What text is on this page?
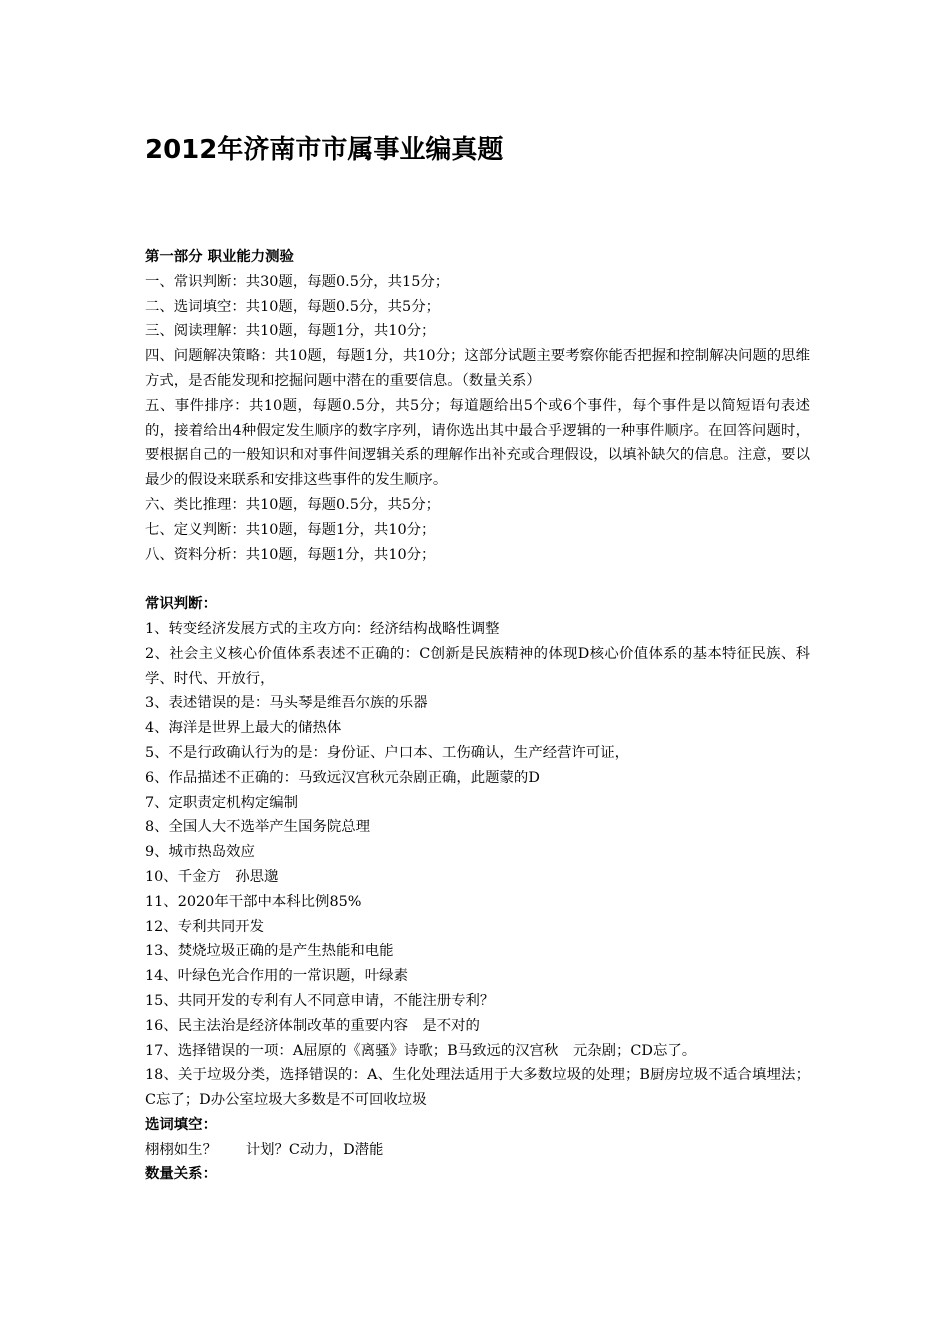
2012年济南市市属事业编真题
第一部分 职业能力测验
一、常识判断：共30题，每题0.5分，共15分；
二、选词填空：共10题，每题0.5分，共5分；
三、阅读理解：共10题，每题1分，共10分；
四、问题解决策略：共10题，每题1分，共10分；这部分试题主要考察你能否把握和控制解决问题的思维方式，是否能发现和挖掘问题中潜在的重要信息。（数量关系）
五、事件排序：共10题，每题0.5分，共5分；每道题给出5个或6个事件，每个事件是以简短语句表述的，接着给出4种假定发生顺序的数字序列，请你选出其中最合乎逻辑的一种事件顺序。在回答问题时，要根据自己的一般知识和对事件间逻辑关系的理解作出补充或合理假设，以填补缺欠的信息。注意，要以最少的假设来联系和安排这些事件的发生顺序。
六、类比推理：共10题，每题0.5分，共5分；
七、定义判断：共10题，每题1分，共10分；
八、资料分析：共10题，每题1分，共10分；
常识判断：
1、转变经济发展方式的主攻方向：经济结构战略性调整
2、社会主义核心价值体系表述不正确的：C创新是民族精神的体现D核心价值体系的基本特征民族、科学、时代、开放行，
3、表述错误的是：马头琴是维吾尔族的乐器
4、海洋是世界上最大的储热体
5、不是行政确认行为的是：身份证、户口本、工伤确认，生产经营许可证，
6、作品描述不正确的：马致远汉宫秋元杂剧正确，此题蒙的D
7、定职责定机构定编制
8、全国人大不选举产生国务院总理
9、城市热岛效应
10、千金方　孙思邈
11、2020年干部中本科比例85%
12、专利共同开发
13、焚烧垃圾正确的是产生热能和电能
14、叶绿色光合作用的一常识题，叶绿素
15、共同开发的专利有人不同意申请，不能注册专利？
16、民主法治是经济体制改革的重要内容　是不对的
17、选择错误的一项：A屈原的《离骚》诗歌；B马致远的汉宫秋　元杂剧；CD忘了。
18、关于垃圾分类，选择错误的：A、生化处理法适用于大多数垃圾的处理；B厨房垃圾不适合填埋法；C忘了；D办公室垃圾大多数是不可回收垃圾
选词填空：
栩栩如生？　　计划？C动力，D潜能
数量关系：
